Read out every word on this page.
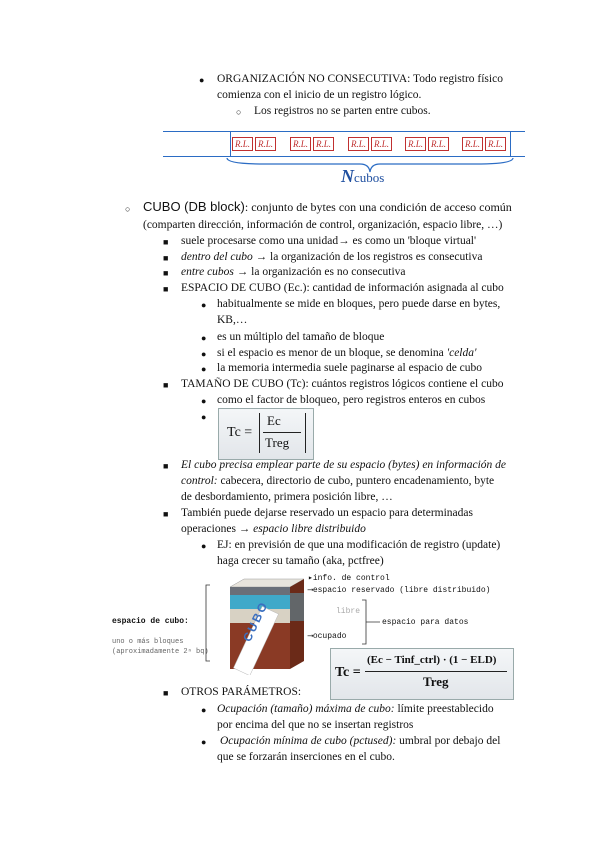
● ORGANIZACIÓN NO CONSECUTIVA: Todo registro físico
comienza con el inicio de un registro lógico.
○ Los registros no se parten entre cubos.
R.L. R.L.	R.L. R.L.	R.L. R.L.	R.L. R.L.	R.L. R.L.
Ncubos
○ CUBO (DB block): conjunto de bytes con una condición de acceso común
(comparten dirección, información de control, organización, espacio libre, …)
■ suele procesarse como una unidad→ es como un 'bloque virtual'
■ dentro del cubo → la organización de los registros es consecutiva
■ entre cubos → la organización es no consecutiva
■ ESPACIO DE CUBO (Ec.): cantidad de información asignada al cubo
● habitualmente se mide en bloques, pero puede darse en bytes,
KB,…
● es un múltiplo del tamaño de bloque
● si el espacio es menor de un bloque, se denomina 'celda'
● la memoria intermedia suele paginarse al espacio de cubo
■ TAMAÑO DE CUBO (Tc): cuántos registros lógicos contiene el cubo
● como el factor de bloqueo, pero registros enteros en cubos
●
Tc =
Ec
Treg
■ El cubo precisa emplear parte de su espacio (bytes) en información de
control: cabecera, directorio de cubo, puntero encadenamiento, byte
de desbordamiento, primera posición libre, …
■ También puede dejarse reservado un espacio para determinadas
operaciones → espacio libre distribuido
● EJ: en previsión de que una modificación de registro (update)
haga crecer su tamaño (aka, pctfree)
CUBO
▸info. de control
⟶espacio reservado (libre distribuido)
libre
⟶ocupado
espacio para datos
espacio de cubo:
uno o más bloques
(aproximadamente 2ⁿ bq)
Tc =
(Ec − Tinf_ctrl) · (1 − ELD)
Treg
■ OTROS PARÁMETROS:
● Ocupación (tamaño) máxima de cubo: límite preestablecido
por encima del que no se insertan registros
● Ocupación mínima de cubo (pctused): umbral por debajo del
que se forzarán inserciones en el cubo.
